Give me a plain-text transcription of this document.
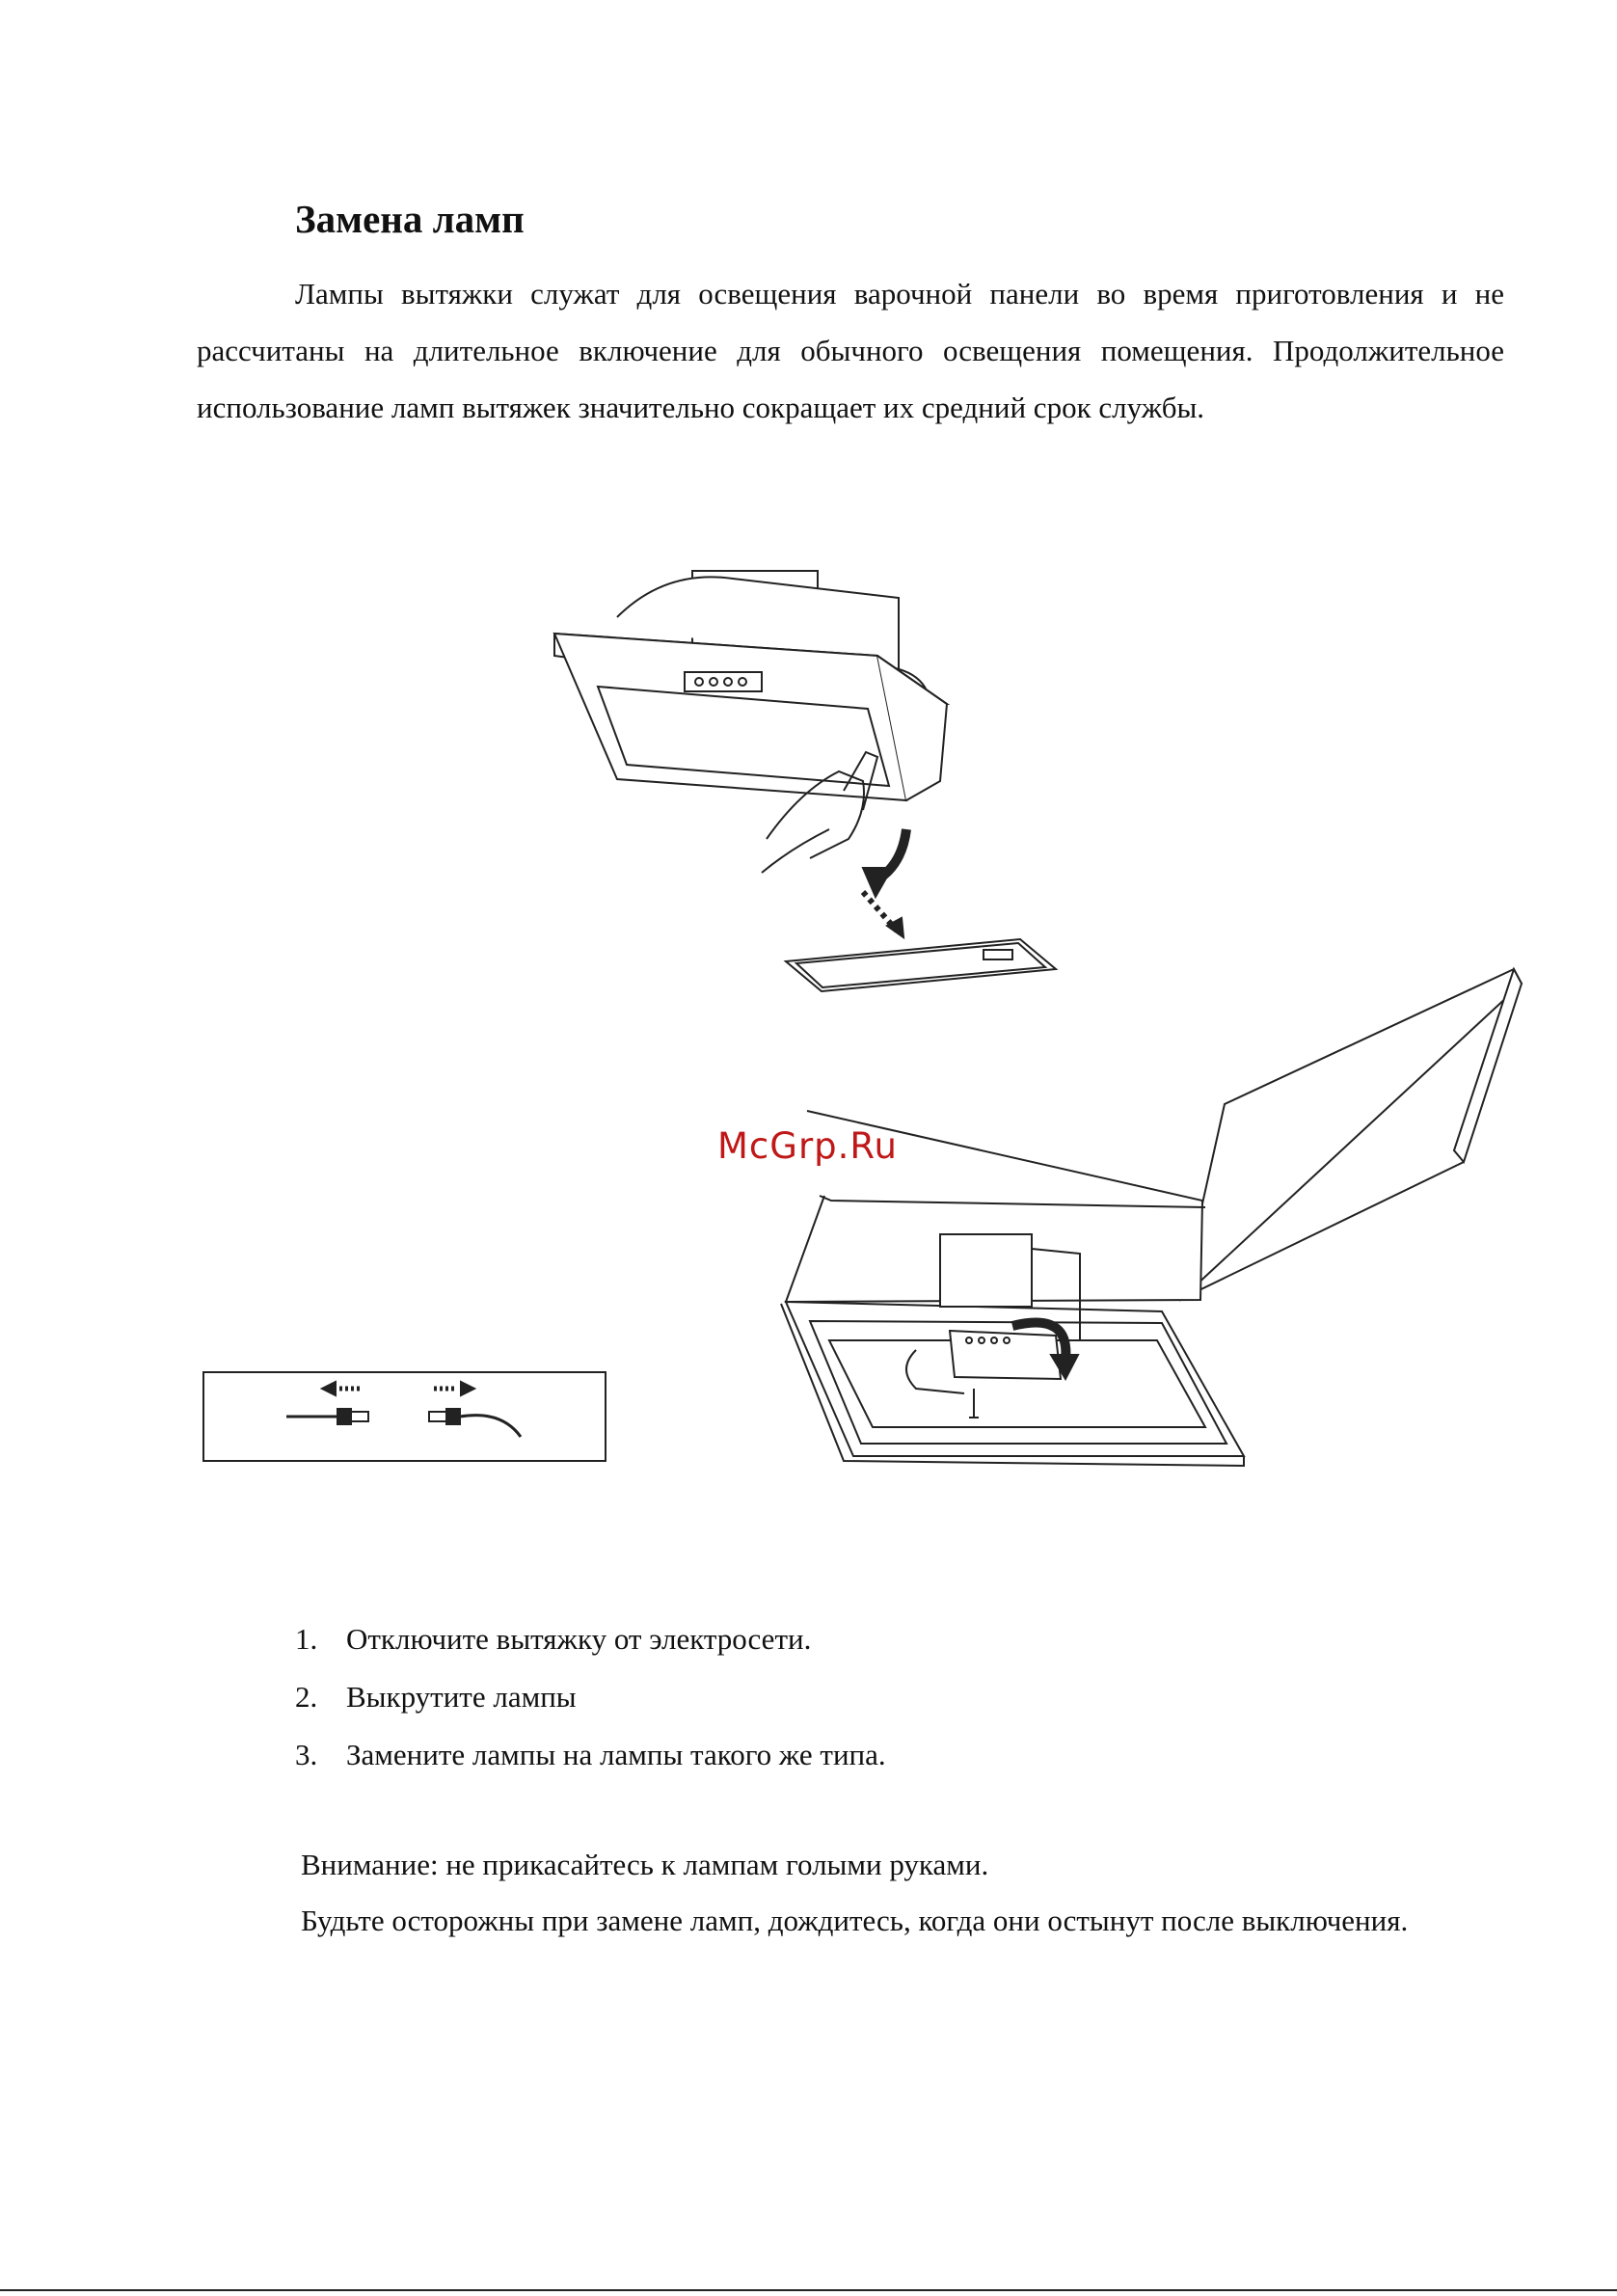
Замена ламп

Лампы вытяжки служат для освещения варочной панели во время приготовления и не рассчитаны на длительное включение для обычного освещения помещения. Продолжительное использование ламп вытяжек значительно сокращает их средний срок службы.

McGrp.Ru
1. Отключите вытяжку от электросети.
2. Выкрутите лампы
3. Замените лампы на лампы такого же типа.
Внимание: не прикасайтесь к лампам голыми руками.

Будьте осторожны при замене ламп, дождитесь, когда они остынут после выключения.
